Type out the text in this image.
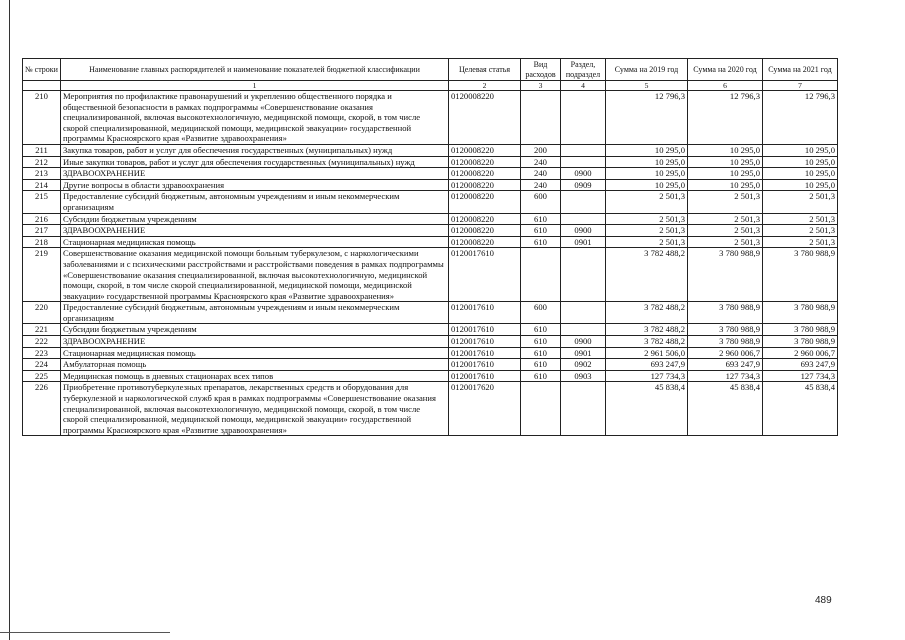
№ строки	Наименование главных распорядителей и наименование показателей бюджетной классификации	Целевая статья	Вид расходов	Раздел, подраздел	Сумма на 2019 год	Сумма на 2020 год	Сумма на 2021 год
	1	2	3	4	5	6	7
210	Мероприятия по профилактике правонарушений и укреплению общественного порядка и общественной безопасности в рамках подпрограммы «Совершенствование оказания специализированной, включая высокотехнологичную, медицинской помощи, скорой, в том числе скорой специализированной, медицинской помощи, медицинской эвакуации» государственной программы Красноярского края «Развитие здравоохранения»	0120008220			12 796,3	12 796,3	12 796,3
211	Закупка товаров, работ и услуг для обеспечения государственных (муниципальных) нужд	0120008220	200		10 295,0	10 295,0	10 295,0
212	Иные закупки товаров, работ и услуг для обеспечения государственных (муниципальных) нужд	0120008220	240		10 295,0	10 295,0	10 295,0
213	ЗДРАВООХРАНЕНИЕ	0120008220	240	0900	10 295,0	10 295,0	10 295,0
214	Другие вопросы в области здравоохранения	0120008220	240	0909	10 295,0	10 295,0	10 295,0
215	Предоставление субсидий бюджетным, автономным учреждениям и иным некоммерческим организациям	0120008220	600		2 501,3	2 501,3	2 501,3
216	Субсидии бюджетным учреждениям	0120008220	610		2 501,3	2 501,3	2 501,3
217	ЗДРАВООХРАНЕНИЕ	0120008220	610	0900	2 501,3	2 501,3	2 501,3
218	Стационарная медицинская помощь	0120008220	610	0901	2 501,3	2 501,3	2 501,3
219	Совершенствование оказания медицинской помощи больным туберкулезом, с наркологическими заболеваниями и с психическими расстройствами и расстройствами поведения в рамках подпрограммы «Совершенствование оказания специализированной, включая высокотехнологичную, медицинской помощи, скорой, в том числе скорой специализированной, медицинской помощи, медицинской эвакуации» государственной программы Красноярского края «Развитие здравоохранения»	0120017610			3 782 488,2	3 780 988,9	3 780 988,9
220	Предоставление субсидий бюджетным, автономным учреждениям и иным некоммерческим организациям	0120017610	600		3 782 488,2	3 780 988,9	3 780 988,9
221	Субсидии бюджетным учреждениям	0120017610	610		3 782 488,2	3 780 988,9	3 780 988,9
222	ЗДРАВООХРАНЕНИЕ	0120017610	610	0900	3 782 488,2	3 780 988,9	3 780 988,9
223	Стационарная медицинская помощь	0120017610	610	0901	2 961 506,0	2 960 006,7	2 960 006,7
224	Амбулаторная помощь	0120017610	610	0902	693 247,9	693 247,9	693 247,9
225	Медицинская помощь в дневных стационарах всех типов	0120017610	610	0903	127 734,3	127 734,3	127 734,3
226	Приобретение противотуберкулезных препаратов, лекарственных средств и оборудования для туберкулезной и наркологической служб края в рамках подпрограммы «Совершенствование оказания специализированной, включая высокотехнологичную, медицинской помощи, скорой, в том числе скорой специализированной, медицинской помощи, медицинской эвакуации» государственной программы Красноярского края «Развитие здравоохранения»	0120017620			45 838,4	45 838,4	45 838,4
489
